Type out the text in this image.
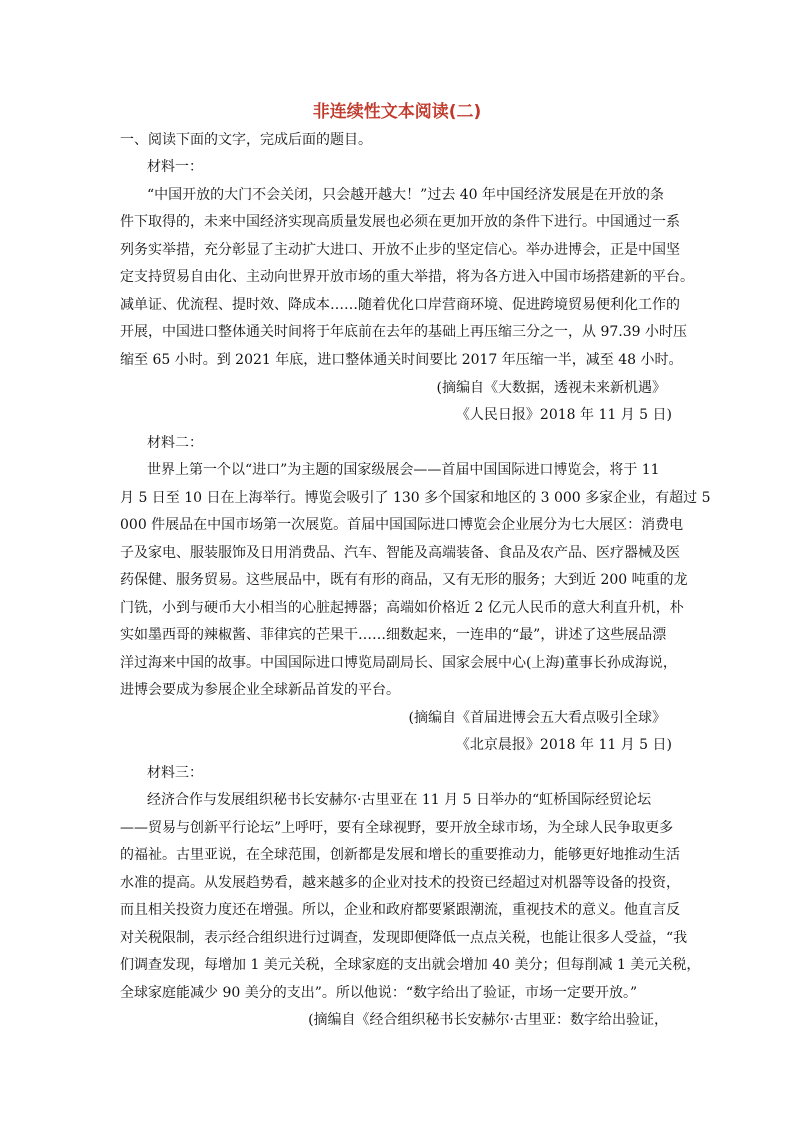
非连续性文本阅读(二)
一、阅读下面的文字，完成后面的题目。
材料一：
“中国开放的大门不会关闭，只会越开越大！”过去 40 年中国经济发展是在开放的条
件下取得的，未来中国经济实现高质量发展也必须在更加开放的条件下进行。中国通过一系
列务实举措，充分彰显了主动扩大进口、开放不止步的坚定信心。举办进博会，正是中国坚
定支持贸易自由化、主动向世界开放市场的重大举措，将为各方进入中国市场搭建新的平台。
减单证、优流程、提时效、降成本……随着优化口岸营商环境、促进跨境贸易便利化工作的
开展，中国进口整体通关时间将于年底前在去年的基础上再压缩三分之一，从 97.39 小时压
缩至 65 小时。到 2021 年底，进口整体通关时间要比 2017 年压缩一半，减至 48 小时。
(摘编自《大数据，透视未来新机遇》
《人民日报》2018 年 11 月 5 日)
材料二：
世界上第一个以“进口”为主题的国家级展会——首届中国国际进口博览会，将于 11
月 5 日至 10 日在上海举行。博览会吸引了 130 多个国家和地区的 3 000 多家企业，有超过 5
000 件展品在中国市场第一次展览。首届中国国际进口博览会企业展分为七大展区：消费电
子及家电、服装服饰及日用消费品、汽车、智能及高端装备、食品及农产品、医疗器械及医
药保健、服务贸易。这些展品中，既有有形的商品，又有无形的服务；大到近 200 吨重的龙
门铣，小到与硬币大小相当的心脏起搏器；高端如价格近 2 亿元人民币的意大利直升机，朴
实如墨西哥的辣椒酱、菲律宾的芒果干……细数起来，一连串的“最”，讲述了这些展品漂
洋过海来中国的故事。中国国际进口博览局副局长、国家会展中心(上海)董事长孙成海说，
进博会要成为参展企业全球新品首发的平台。
(摘编自《首届进博会五大看点吸引全球》
《北京晨报》2018 年 11 月 5 日)
材料三：
经济合作与发展组织秘书长安赫尔·古里亚在 11 月 5 日举办的“虹桥国际经贸论坛
——贸易与创新平行论坛”上呼吁，要有全球视野，要开放全球市场，为全球人民争取更多
的福祉。古里亚说，在全球范围，创新都是发展和增长的重要推动力，能够更好地推动生活
水准的提高。从发展趋势看，越来越多的企业对技术的投资已经超过对机器等设备的投资，
而且相关投资力度还在增强。所以，企业和政府都要紧跟潮流，重视技术的意义。他直言反
对关税限制，表示经合组织进行过调查，发现即便降低一点点关税，也能让很多人受益，“我
们调查发现，每增加 1 美元关税，全球家庭的支出就会增加 40 美分；但每削减 1 美元关税，
全球家庭能减少 90 美分的支出”。所以他说：“数字给出了验证，市场一定要开放。”
(摘编自《经合组织秘书长安赫尔·古里亚：数字给出验证，
